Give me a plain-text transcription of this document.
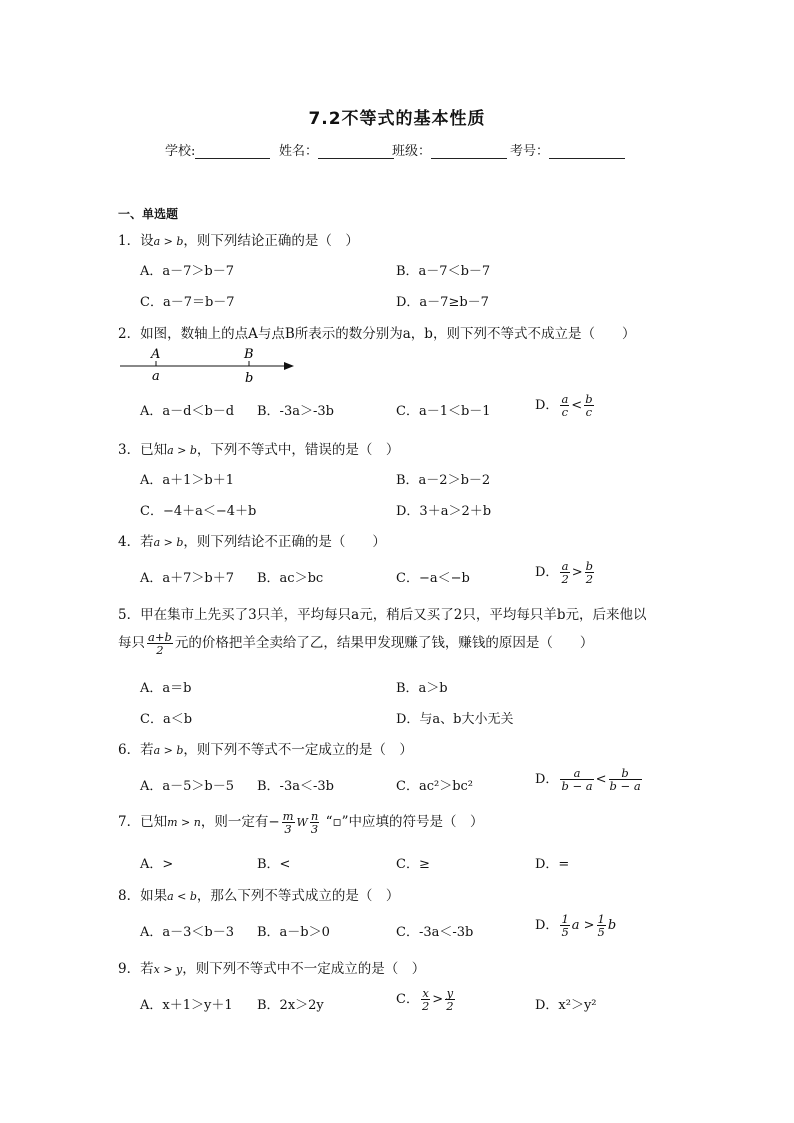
7.2不等式的基本性质
学校:	姓名：	班级：	考号：
一、单选题
1．设a > b，则下列结论正确的是（　）
A．a－7＞b－7	B．a－7＜b－7
C．a－7＝b－7	D．a－7≥b－7
2．如图，数轴上的点A与点B所表示的数分别为a，b，则下列不等式不成立是（　　）
A
a
B
b
A．a－d＜b－d B．-3a＞-3b	C．a－1＜b－1	D． $\frac{a}{c} < \frac{b}{c}$
3．已知a > b，下列不等式中，错误的是（　）
A．a＋1＞b＋1	B．a－2＞b－2
C．−4＋a＜−4＋b	D．3＋a＞2＋b
4．若a > b，则下列结论不正确的是（　　）
A．a＋7＞b＋7 B．ac＞bc	C．−a＜−b	D． $\frac{a}{2} > \frac{b}{2}$
5．甲在集市上先买了3只羊，平均每只a元，稍后又买了2只，平均每只羊b元，后来他以
每只 $\frac{a+b}{2}$ 元的价格把羊全卖给了乙，结果甲发现赚了钱，赚钱的原因是（　　）
A．a＝b	B．a＞b
C．a＜b	D．与a、b大小无关
6．若a > b，则下列不等式不一定成立的是（　）
A．a－5＞b－5 B．-3a＜-3b	C．ac²＞bc²	D． $\frac{a}{b - a} < \frac{b}{b - a}$
7．已知m > n，则一定有− $\frac{m}{3}$ W $\frac{n}{3}$ “▫”中应填的符号是（　）
A．>	B．<	C．≥	D．=
8．如果a < b，那么下列不等式成立的是（　）
A．a－3＜b－3 B．a－b＞0	C．-3a＜-3b	D． $\frac{1}{5}$ $a > \frac{1}{5}$ b
9．若x > y，则下列不等式中不一定成立的是（　）
A．x＋1＞y＋1 B．2x＞2y	C． $\frac{x}{2} > \frac{y}{2}$	D．x²＞y²
